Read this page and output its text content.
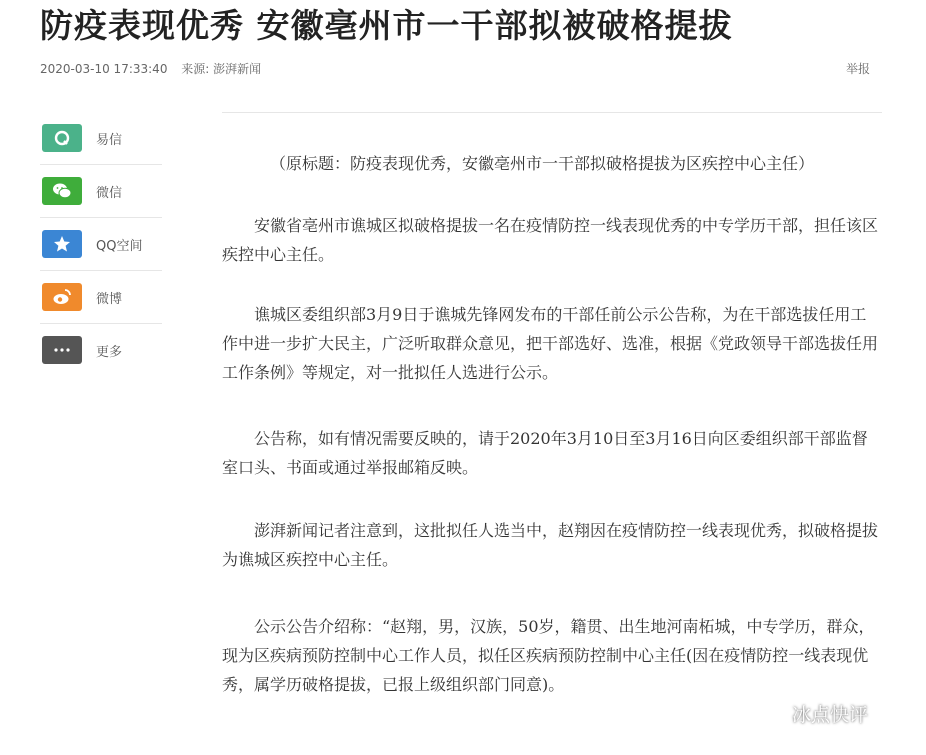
防疫表现优秀 安徽亳州市一干部拟被破格提拔
2020-03-10 17:33:40 来源: 澎湃新闻	举报
易信
微信
QQ空间
微博
更多

（原标题：防疫表现优秀，安徽亳州市一干部拟破格提拔为区疾控中心主任）

安徽省亳州市谯城区拟破格提拔一名在疫情防控一线表现优秀的中专学历干部，担任该区疾控中心主任。

谯城区委组织部3月9日于谯城先锋网发布的干部任前公示公告称，为在干部选拔任用工作中进一步扩大民主，广泛听取群众意见，把干部选好、选准，根据《党政领导干部选拔任用工作条例》等规定，对一批拟任人选进行公示。

公告称，如有情况需要反映的，请于2020年3月10日至3月16日向区委组织部干部监督室口头、书面或通过举报邮箱反映。

澎湃新闻记者注意到，这批拟任人选当中，赵翔因在疫情防控一线表现优秀，拟破格提拔为谯城区疾控中心主任。

公示公告介绍称：“赵翔，男，汉族，50岁，籍贯、出生地河南柘城，中专学历，群众，现为区疾病预防控制中心工作人员，拟任区疾病预防控制中心主任(因在疫情防控一线表现优秀，属学历破格提拔，已报上级组织部门同意)。

冰点快评
